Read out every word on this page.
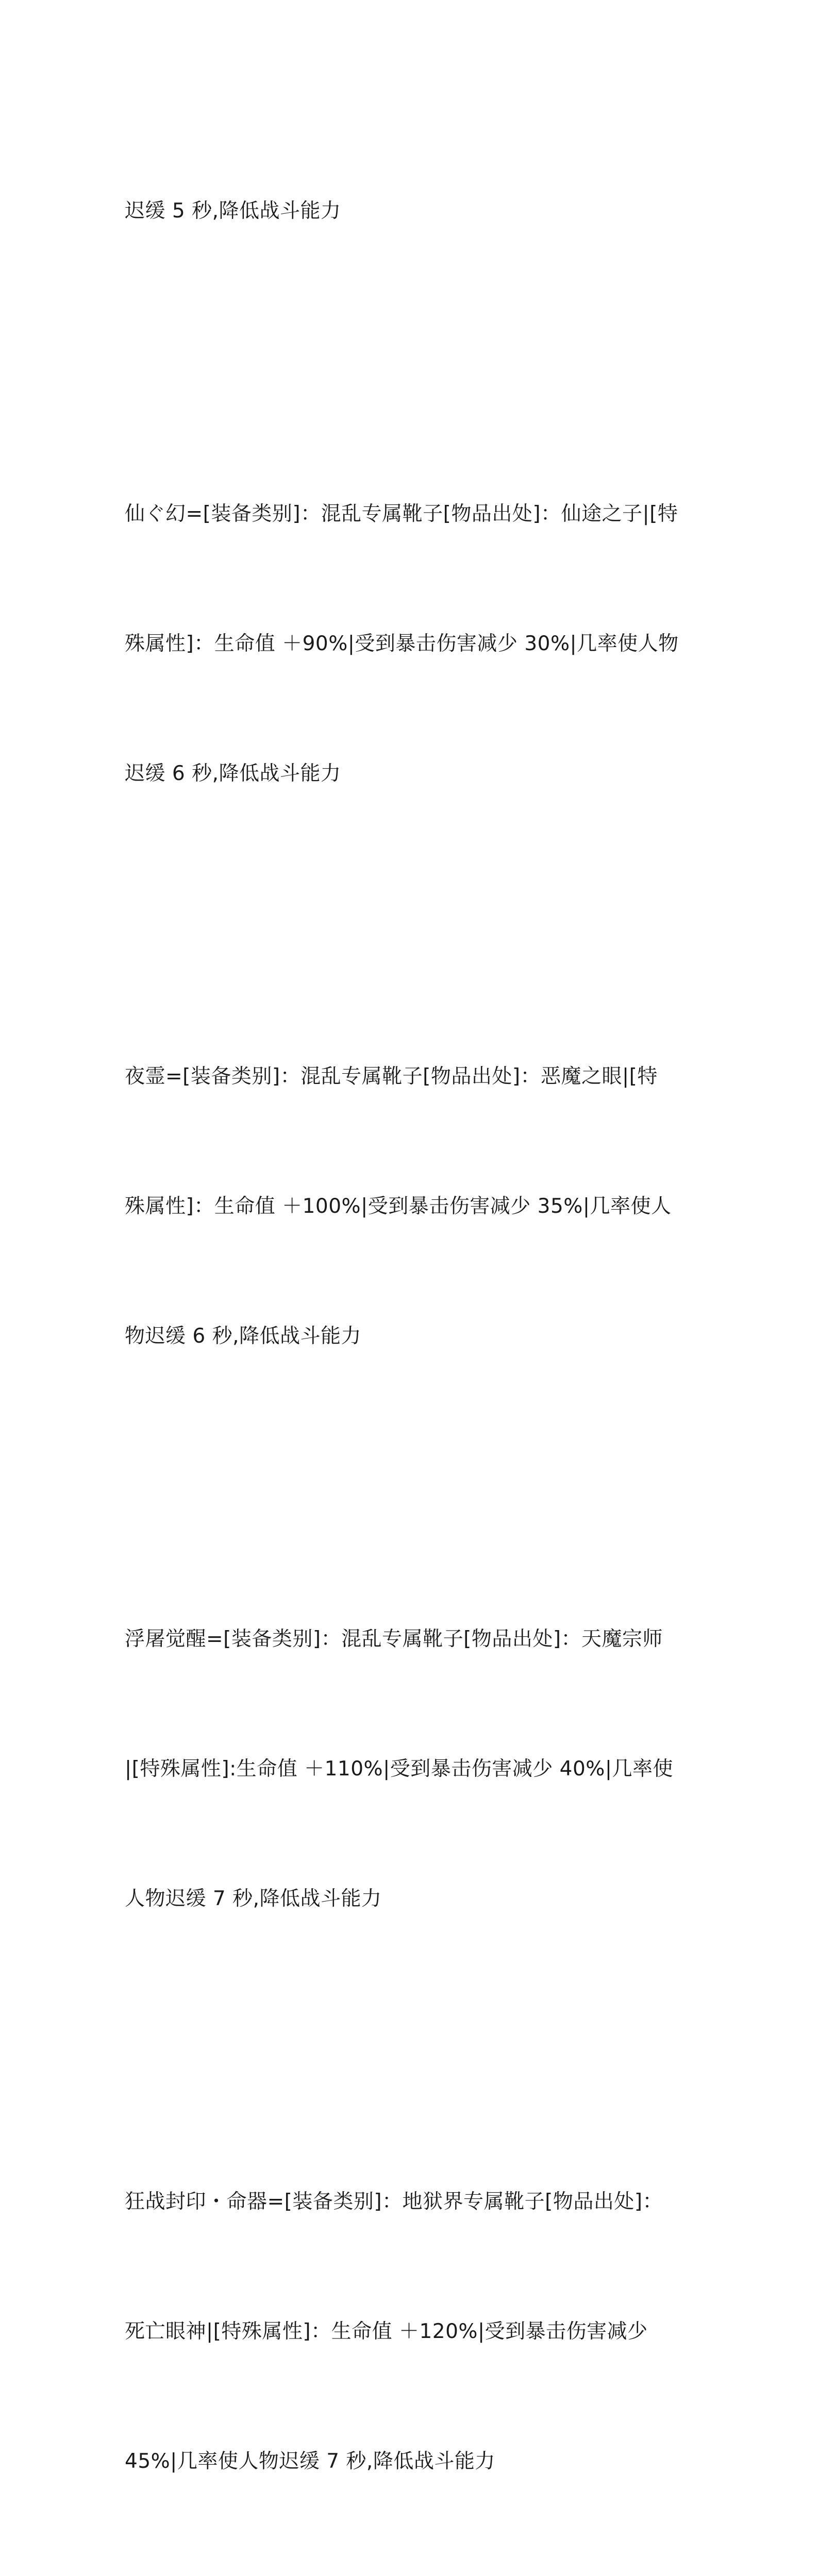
迟缓 5 秒,降低战斗能力

仙ぐ幻=[装备类别]：混乱专属靴子[物品出处]：仙途之子|[特

殊属性]：生命值 ＋90%|受到暴击伤害减少 30%|几率使人物

迟缓 6 秒,降低战斗能力

夜霊=[装备类别]：混乱专属靴子[物品出处]：恶魔之眼|[特

殊属性]：生命值 ＋100%|受到暴击伤害减少 35%|几率使人

物迟缓 6 秒,降低战斗能力

浮屠觉醒=[装备类别]：混乱专属靴子[物品出处]：天魔宗师

|[特殊属性]:生命值 ＋110%|受到暴击伤害减少 40%|几率使

人物迟缓 7 秒,降低战斗能力

狂战封印・命器=[装备类别]：地狱界专属靴子[物品出处]：

死亡眼神|[特殊属性]：生命值 ＋120%|受到暴击伤害减少

45%|几率使人物迟缓 7 秒,降低战斗能力
